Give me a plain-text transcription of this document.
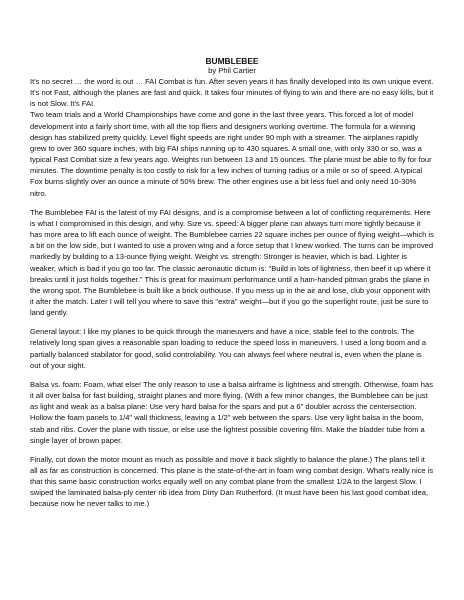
BUMBLEBEE

by Phil Cartier

It's no secret … the word is out … FAI Combat is fun. After seven years it has finally developed into its own unique event. It's not Fast, although the planes are fast and quick. It takes four minutes of flying to win and there are no easy kills, but it is not Slow. It's FAI.

Two team trials and a World Championships have come and gone in the last three years. This forced a lot of model development into a fairly short time, with all the top fliers and designers working overtime. The formula for a winning design has stabilized pretty quickly. Level flight speeds are right under 90 mph with a streamer. The airplanes rapidly grew to over 360 square inches, with big FAI ships running up to 430 squares. A small one, with only 330 or so, was a typical Fast Combat size a few years ago. Weights run between 13 and 15 ounces. The plane must be able to fly for four minutes. The downtime penalty is too costly to risk for a few inches of turning radius or a mile or so of speed. A typical Fox burns slightly over an ounce a minute of 50% brew. The other engines use a bit less fuel and only need 10-30% nitro.

The Bumblebee FAI is the latest of my FAI designs, and is a compromise between a lot of conflicting requirements. Here is what I compromised in this design, and why. Size vs. speed: A bigger plane can always turn more tightly because it has more area to lift each ounce of weight. The Bumblebee carries 22 square inches per ounce of flying weight—which is a bit on the low side, but I wanted to use a proven wing and a force setup that I knew worked. The turns can be improved markedly by building to a 13-ounce flying weight. Weight vs. strength: Stronger is heavier, which is bad. Lighter is weaker, which is bad if you go too far. The classic aeronautic dictum is: "Build in lots of lightness, then beef it up where it breaks until it just holds together." This is great for maximum performance until a ham-handed pitman grabs the plane in the wrong spot. The Bumblebee is built like a brick outhouse. If you mess up in the air and lose, club your opponent with it after the match. Later I will tell you where to save this "extra" weight—but if you go the superlight route, just be sure to land gently.

General layout: I like my planes to be quick through the maneuvers and have a nice, stable feel to the controls. The relatively long span gives a reasonable span loading to reduce the speed loss in maneuvers. I used a long boom and a partially balanced stabilator for good, solid controlability. You can always feel where neutral is, even when the plane is out of your sight.

Balsa vs. foam: Foam, what else! The only reason to use a balsa airframe is lightness and strength. Otherwise, foam has it all over balsa for fast building, straight planes and more flying. (With a few minor changes, the Bumblebee can be just as light and weak as a balsa plane: Use very hard balsa for the spars and put a 6" doubler across the centersection. Hollow the foam panels to 1/4" wall thickness, leaving a 1/2" web between the spars. Use very light balsa in the boom, stab and ribs. Cover the plane with tissue, or else use the lightest possible covering film. Make the bladder tube from a single layer of brown paper.

Finally, cut down the motor mount as much as possible and move it back slightly to balance the plane.) The plans tell it all as far as construction is concerned. This plane is the state-of-the-art in foam wing combat design. What's really nice is that this same basic construction works equally well on any combat plane from the smallest 1/2A to the largest Slow. I swiped the laminated balsa-ply center rib idea from Dirty Dan Rutherford. (It must have been his last good combat idea, because now he never talks to me.)
